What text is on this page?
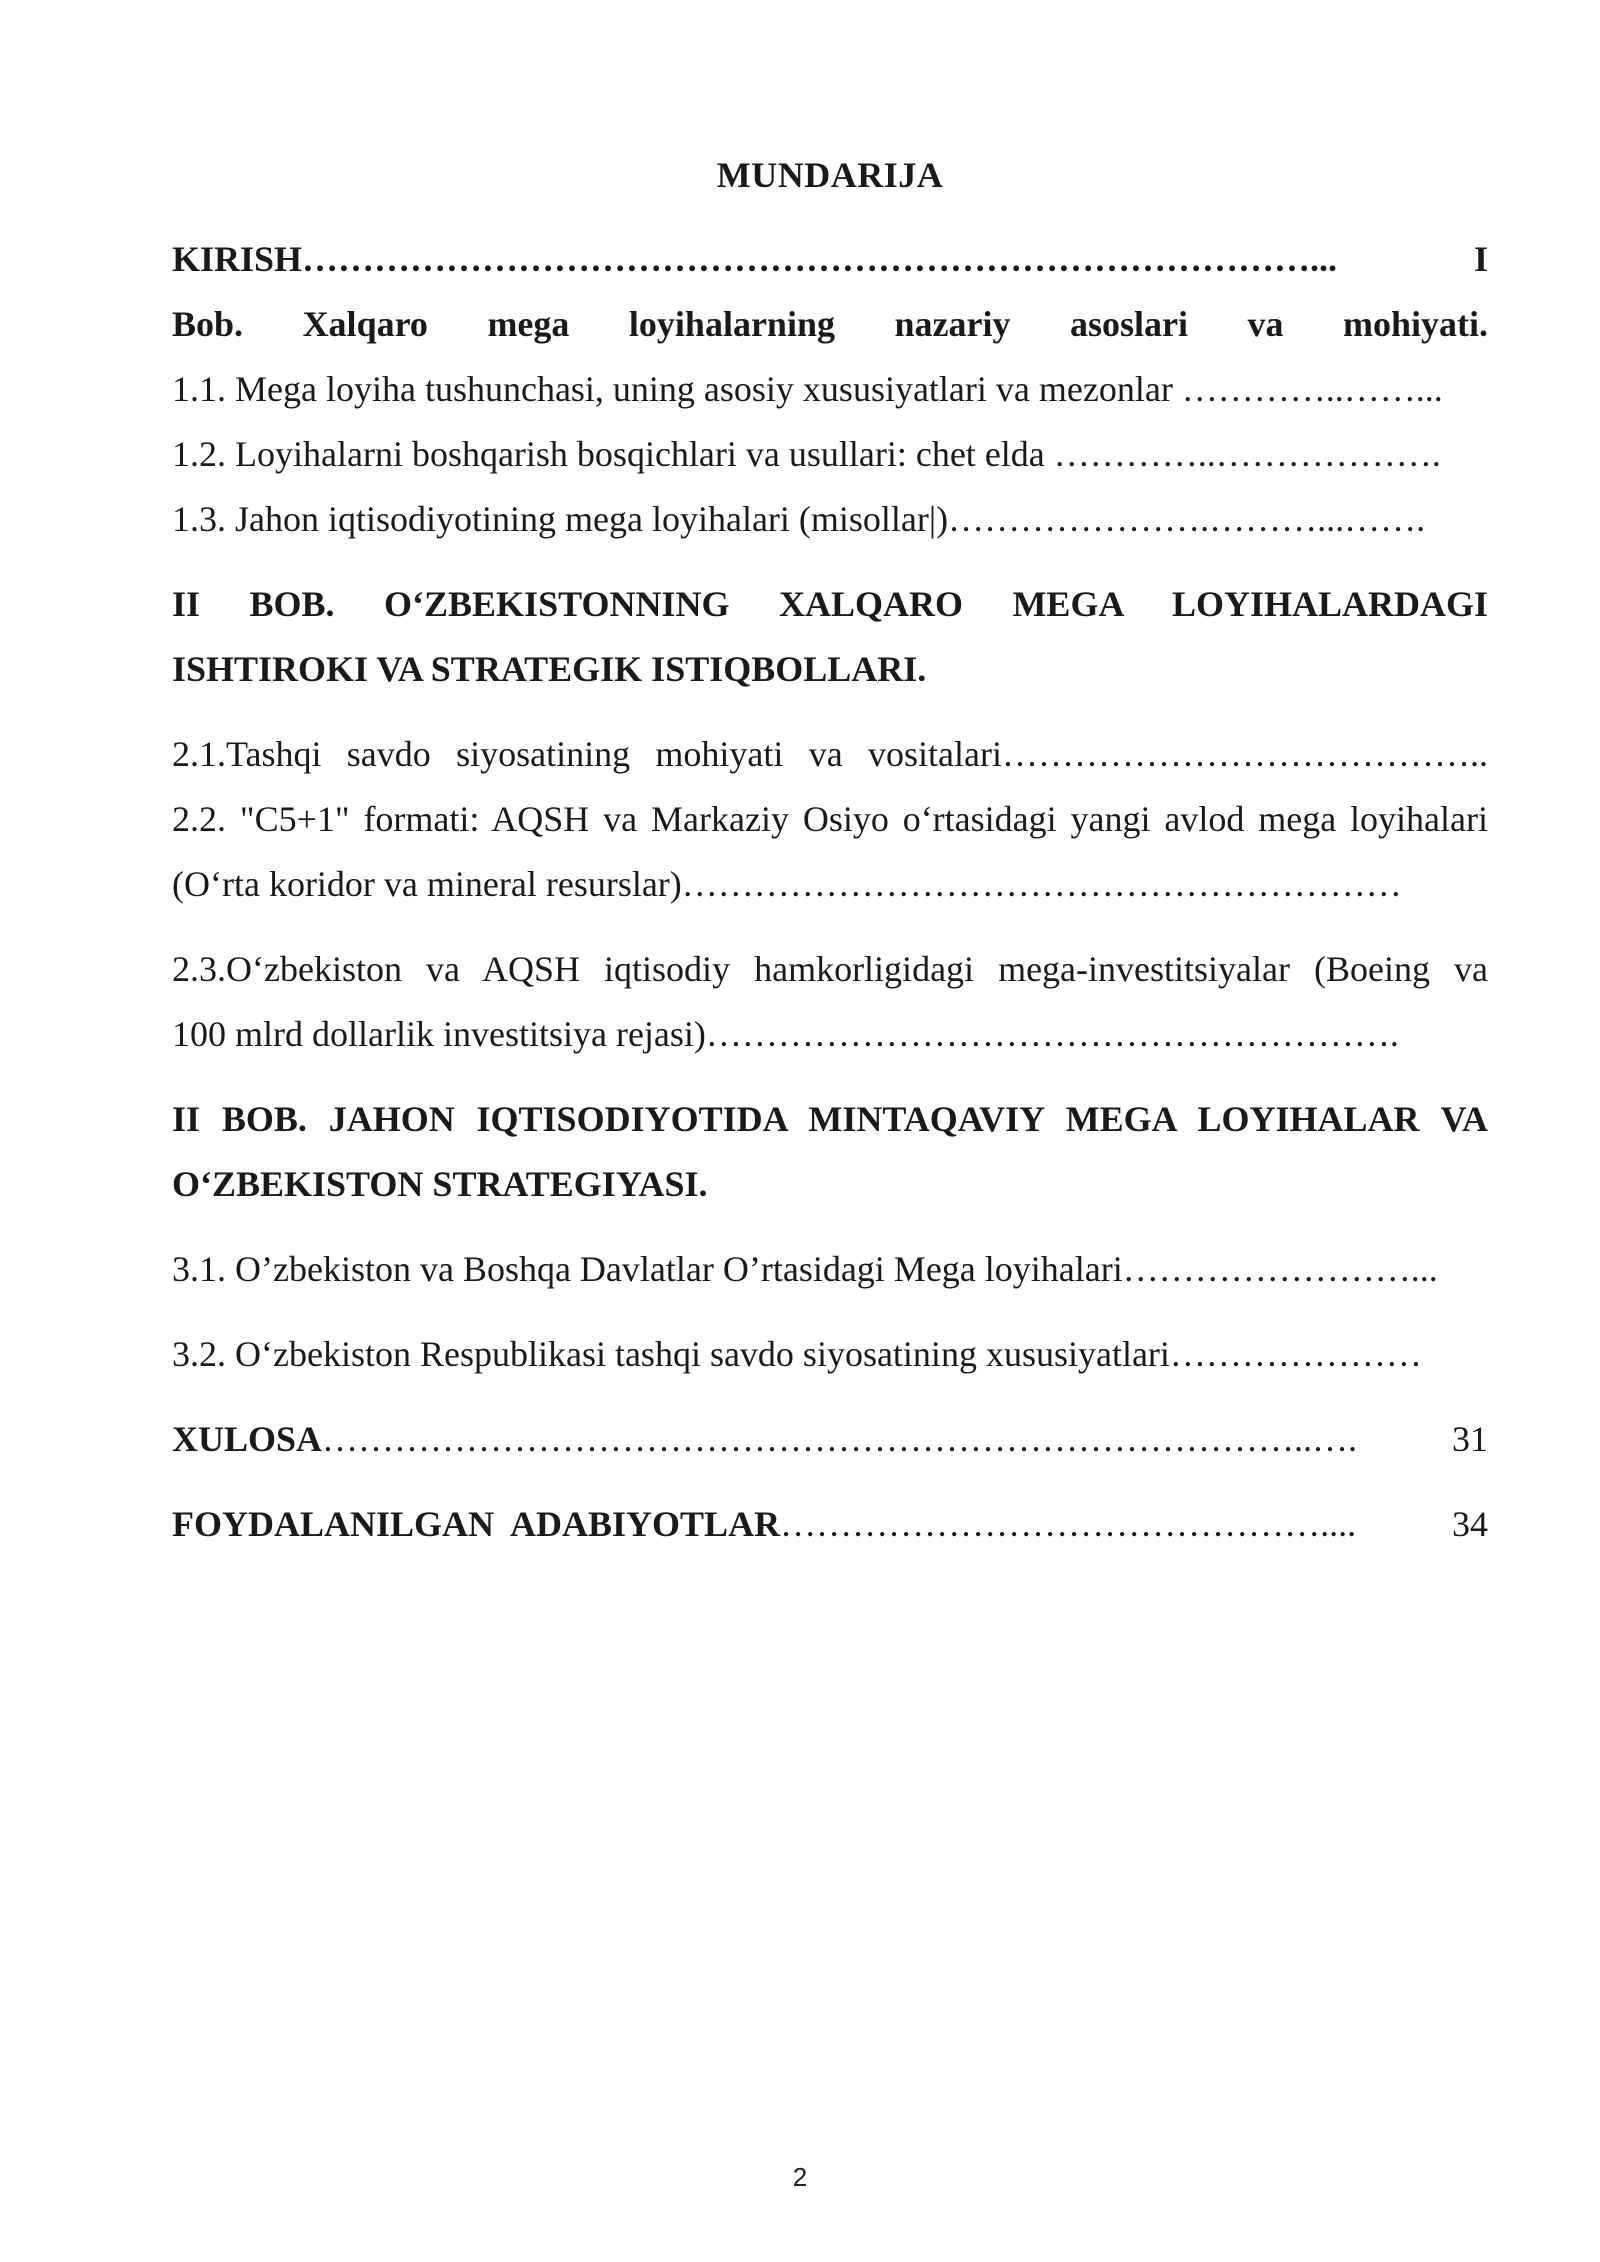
MUNDARIJA
KIRISH …………………………………………………………………………...	I
Bob. Xalqaro mega loyihalarning nazariy asoslari va mohiyati.
1.1. Mega loyiha tushunchasi, uning asosiy xususiyatlari va mezonlar …………..……...
1.2. Loyihalarni boshqarish bosqichlari va usullari: chet elda …………..……………….
1.3. Jahon iqtisodiyotining mega loyihalari (misollar|)………………….………...…….
II BOB. O‘ZBEKISTONNING XALQARO MEGA LOYIHALARDAGI
ISHTIROKI VA STRATEGIK ISTIQBOLLARI.
2.1.Tashqi savdo siyosatining mohiyati va vositalari…………………………………..
2.2. "C5+1" formati: AQSH va Markaziy Osiyo o‘rtasidagi yangi avlod mega loyihalari
(O‘rta koridor va mineral resurslar)……………………………………………………
2.3.O‘zbekiston va AQSH iqtisodiy hamkorligidagi mega-investitsiyalar (Boeing va
100 mlrd dollarlik investitsiya rejasi)………………………………………………….
II BOB. JAHON IQTISODIYOTIDA MINTAQAVIY MEGA LOYIHALAR VA
O‘ZBEKISTON STRATEGIYASI.
3.1. O’zbekiston va Boshqa Davlatlar O’rtasidagi Mega loyihalari……………………...
3.2. O‘zbekiston Respublikasi tashqi savdo siyosatining xususiyatlari…………………
XULOSA ………………………………………………………………………..….	31
FOYDALANILGAN  ADABIYOTLAR ………………………………………....	34
2
